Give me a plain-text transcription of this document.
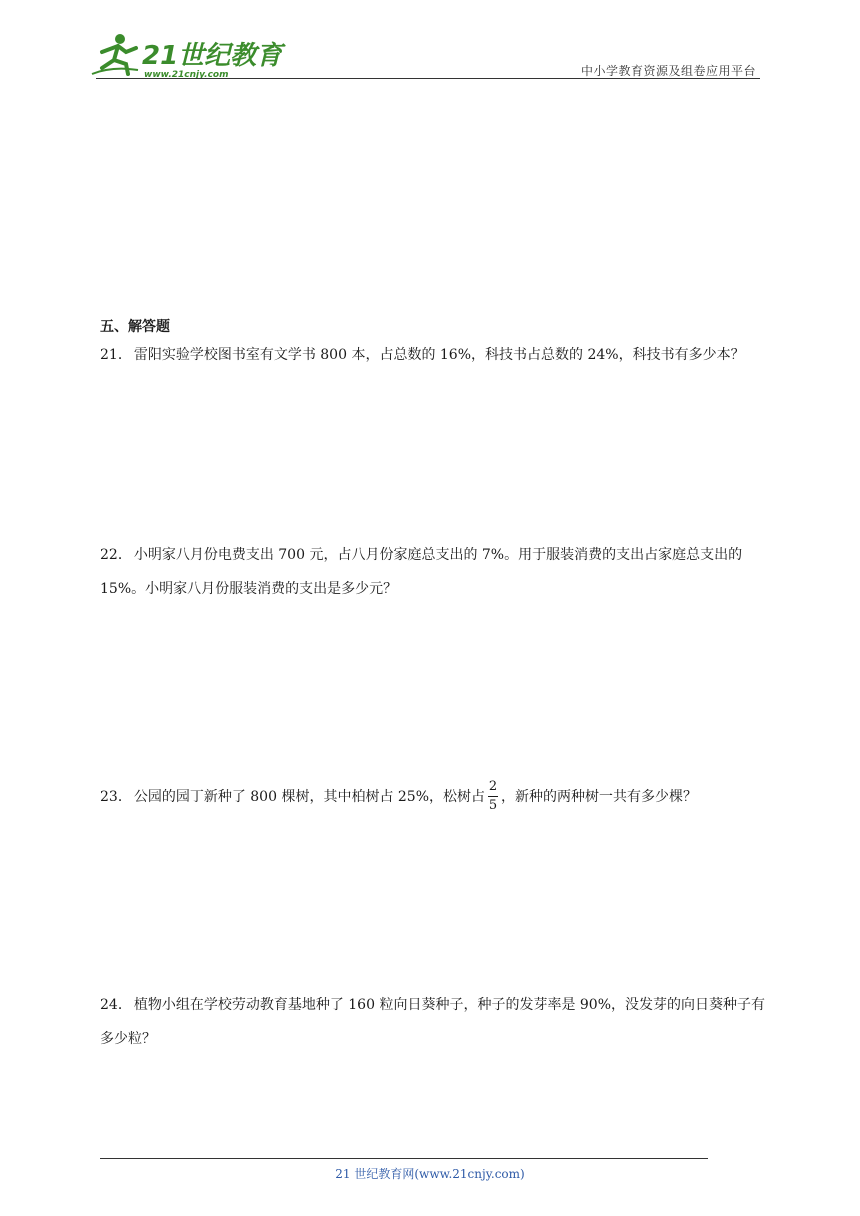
21世纪教育
www.21cnjy.com	中小学教育资源及组卷应用平台
五、解答题
21． 雷阳实验学校图书室有文学书 800 本，占总数的 16%，科技书占总数的 24%，科技书有多少本？
22． 小明家八月份电费支出 700 元，占八月份家庭总支出的 7%。用于服装消费的支出占家庭总支出的 15%。小明家八月份服装消费的支出是多少元？
23． 公园的园丁新种了 800 棵树，其中柏树占 25%，松树占 $\frac{2}{5}$ ，新种的两种树一共有多少棵？
24． 植物小组在学校劳动教育基地种了 160 粒向日葵种子，种子的发芽率是 90%，没发芽的向日葵种子有多少粒？
21 世纪教育网(www.21cnjy.com)
